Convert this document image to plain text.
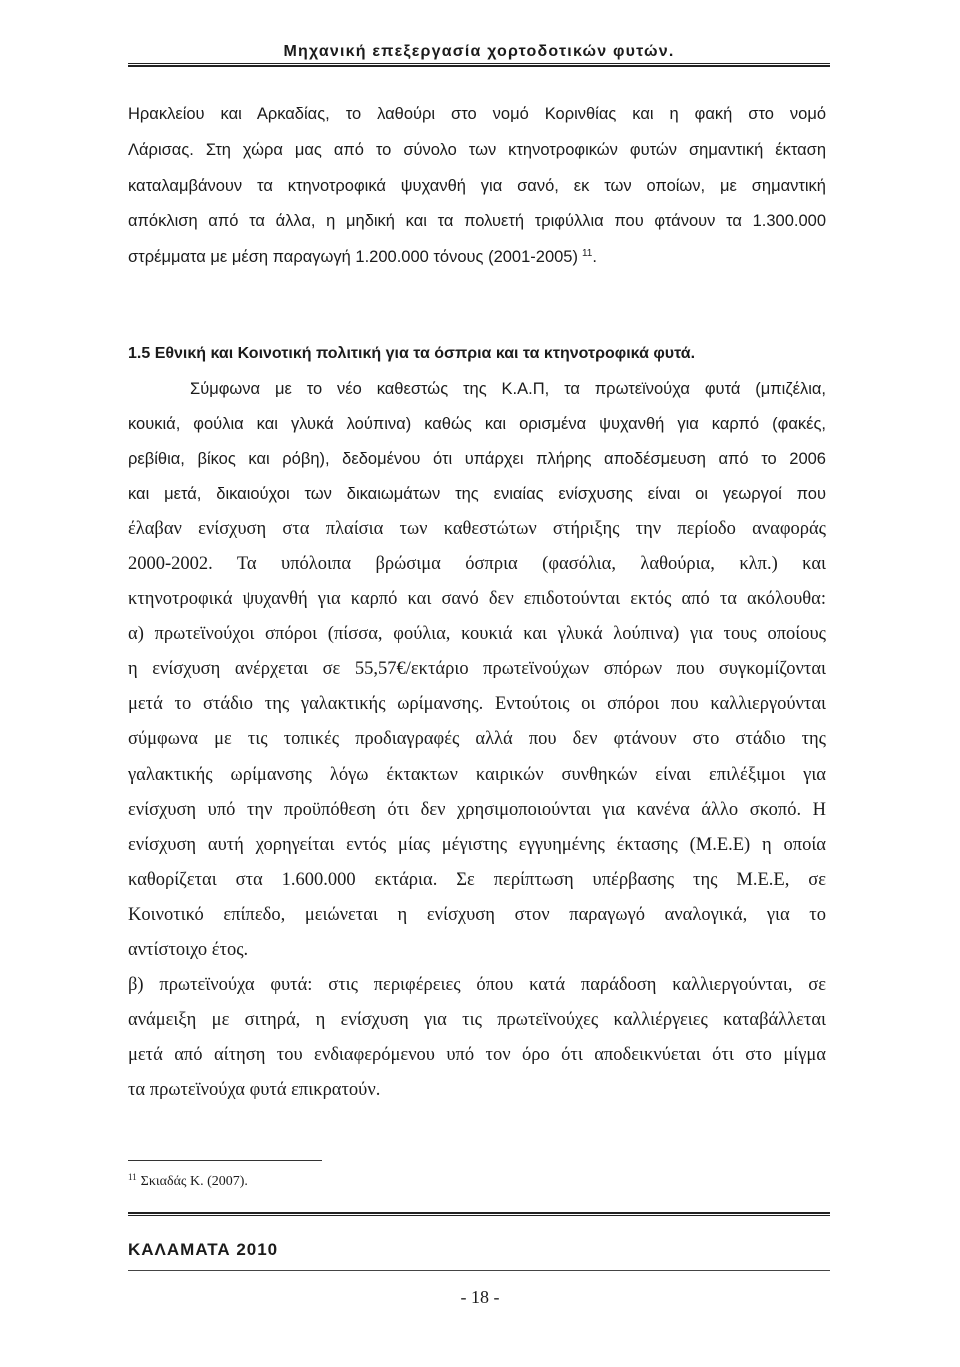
Μηχανική επεξεργασία χορτοδοτικών φυτών.
Ηρακλείου και Αρκαδίας, το λαθούρι στο νομό Κορινθίας και η φακή στο νομό
Λάρισας. Στη χώρα μας από το σύνολο των κτηνοτροφικών φυτών σημαντική έκταση
καταλαμβάνουν τα κτηνοτροφικά ψυχανθή για σανό, εκ των οποίων, με σημαντική
απόκλιση από τα άλλα, η μηδική και τα πολυετή τριφύλλια που φτάνουν τα 1.300.000
στρέμματα με μέση παραγωγή 1.200.000 τόνους (2001-2005) $^{11}$.
1.5 Εθνική και Κοινοτική πολιτική για τα όσπρια και τα κτηνοτροφικά φυτά.
Σύμφωνα με το νέο καθεστώς της Κ.Α.Π, τα πρωτεϊνούχα φυτά (μπιζέλια,
κουκιά, φούλια και γλυκά λούπινα) καθώς και ορισμένα ψυχανθή για καρπό (φακές,
ρεβίθια, βίκος και ρόβη), δεδομένου ότι υπάρχει πλήρης αποδέσμευση από το 2006
και μετά, δικαιούχοι των δικαιωμάτων της ενιαίας ενίσχυσης είναι οι γεωργοί που
έλαβαν ενίσχυση στα πλαίσια των καθεστώτων στήριξης την περίοδο αναφοράς
2000-2002. Τα υπόλοιπα βρώσιμα όσπρια (φασόλια, λαθούρια, κλπ.) και
κτηνοτροφικά ψυχανθή για καρπό και σανό δεν επιδοτούνται εκτός από τα ακόλουθα:
α) πρωτεϊνούχοι σπόροι (πίσσα, φούλια, κουκιά και γλυκά λούπινα) για τους οποίους
η ενίσχυση ανέρχεται σε 55,57€/εκτάριο πρωτεϊνούχων σπόρων που συγκομίζονται
μετά το στάδιο της γαλακτικής ωρίμανσης. Εντούτοις οι σπόροι που καλλιεργούνται
σύμφωνα με τις τοπικές προδιαγραφές αλλά που δεν φτάνουν στο στάδιο της
γαλακτικής ωρίμανσης λόγω έκτακτων καιρικών συνθηκών είναι επιλέξιμοι για
ενίσχυση υπό την προϋπόθεση ότι δεν χρησιμοποιούνται για κανένα άλλο σκοπό. Η
ενίσχυση αυτή χορηγείται εντός μίας μέγιστης εγγυημένης έκτασης (Μ.Ε.Ε) η οποία
καθορίζεται στα 1.600.000 εκτάρια. Σε περίπτωση υπέρβασης της Μ.Ε.Ε, σε
Κοινοτικό επίπεδο, μειώνεται η ενίσχυση στον παραγωγό αναλογικά, για το
αντίστοιχο έτος.
β) πρωτεϊνούχα φυτά: στις περιφέρειες όπου κατά παράδοση καλλιεργούνται, σε
ανάμειξη με σιτηρά, η ενίσχυση για τις πρωτεϊνούχες καλλιέργειες καταβάλλεται
μετά από αίτηση του ενδιαφερόμενου υπό τον όρο ότι αποδεικνύεται ότι στο μίγμα
τα πρωτεϊνούχα φυτά επικρατούν.
$^{11}$ Σκιαδάς Κ. (2007).
ΚΑΛΑΜΑΤΑ 2010
- 18 -
